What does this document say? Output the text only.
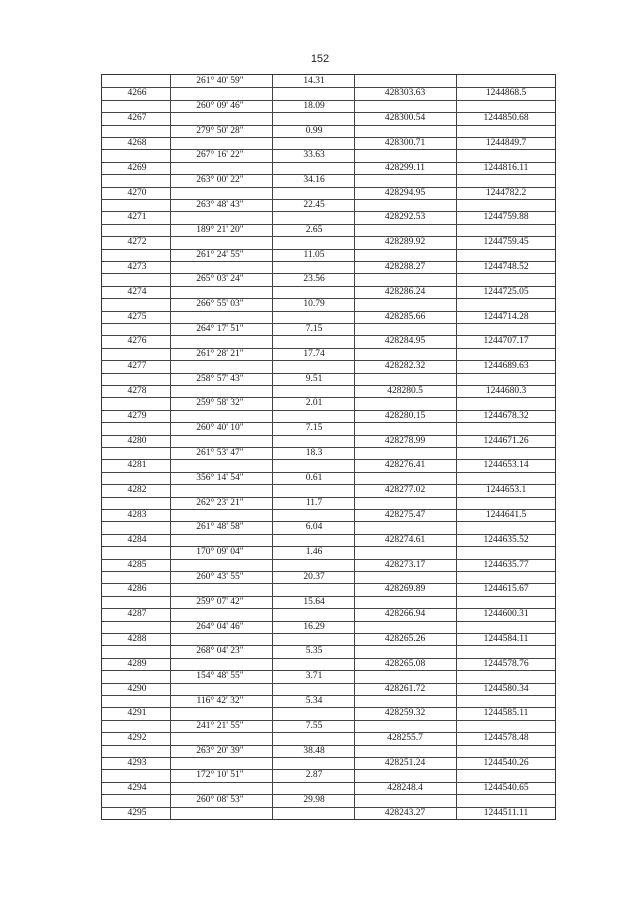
152
261° 40' 59"	14.31
4266	428303.63	1244868.5
260° 09' 46"	18.09
4267	428300.54	1244850.68
279° 50' 28"	0.99
4268	428300.71	1244849.7
267° 16' 22"	33.63
4269	428299.11	1244816.11
263° 00' 22"	34.16
4270	428294.95	1244782.2
263° 48' 43"	22.45
4271	428292.53	1244759.88
189° 21' 20"	2.65
4272	428289.92	1244759.45
261° 24' 55"	11.05
4273	428288.27	1244748.52
265° 03' 24"	23.56
4274	428286.24	1244725.05
266° 55' 03"	10.79
4275	428285.66	1244714.28
264° 17' 51"	7.15
4276	428284.95	1244707.17
261° 28' 21"	17.74
4277	428282.32	1244689.63
258° 57' 43"	9.51
4278	428280.5	1244680.3
259° 58' 32"	2.01
4279	428280.15	1244678.32
260° 40' 10"	7.15
4280	428278.99	1244671.26
261° 53' 47"	18.3
4281	428276.41	1244653.14
356° 14' 54"	0.61
4282	428277.02	1244653.1
262° 23' 21"	11.7
4283	428275.47	1244641.5
261° 48' 58"	6.04
4284	428274.61	1244635.52
170° 09' 04"	1.46
4285	428273.17	1244635.77
260° 43' 55"	20.37
4286	428269.89	1244615.67
259° 07' 42"	15.64
4287	428266.94	1244600.31
264° 04' 46"	16.29
4288	428265.26	1244584.11
268° 04' 23"	5.35
4289	428265.08	1244578.76
154° 48' 55"	3.71
4290	428261.72	1244580.34
116° 42' 32"	5.34
4291	428259.32	1244585.11
241° 21' 55"	7.55
4292	428255.7	1244578.48
263° 20' 39"	38.48
4293	428251.24	1244540.26
172° 10' 51"	2.87
4294	428248.4	1244540.65
260° 08' 53"	29.98
4295	428243.27	1244511.11
